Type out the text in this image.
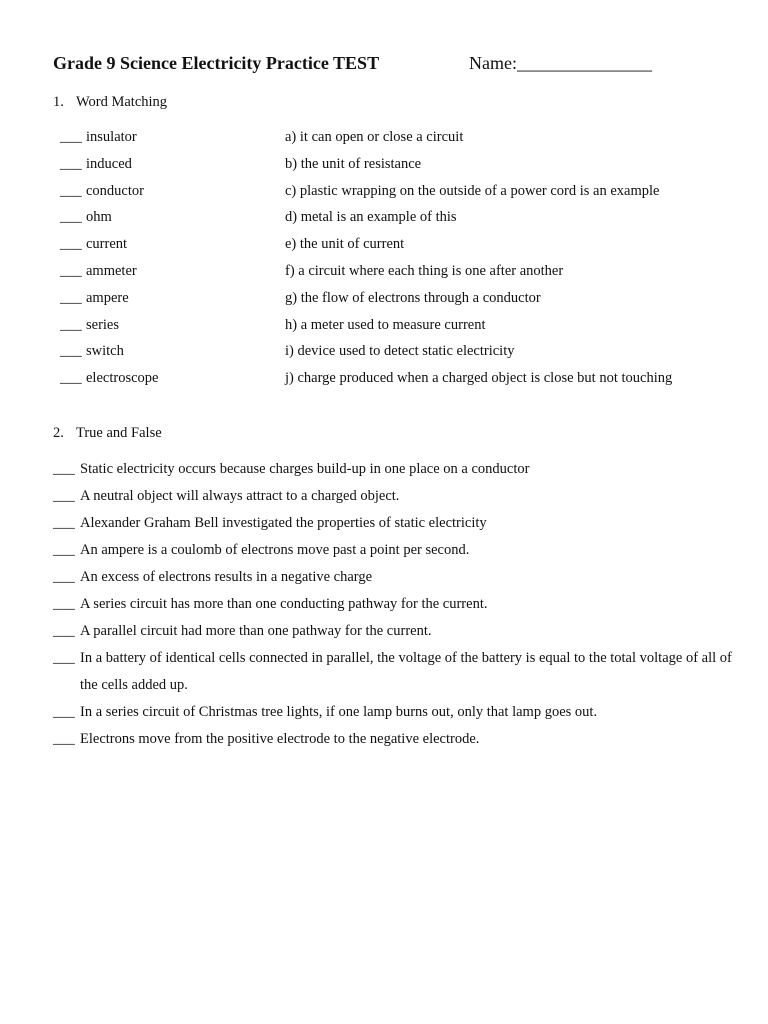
Grade 9 Science Electricity Practice TEST	Name:_______________
1. Word Matching
___ insulator	a) it can open or close a circuit
___ induced	b) the unit of resistance
___ conductor	c) plastic wrapping on the outside of a power cord is an example
___ ohm	d) metal is an example of this
___ current	e) the unit of current
___ ammeter	f) a circuit where each thing is one after another
___ ampere	g) the flow of electrons through a conductor
___ series	h) a meter used to measure current
___ switch	i) device used to detect static electricity
___ electroscope	j) charge produced when a charged object is close but not touching
2. True and False
___ Static electricity occurs because charges build-up in one place on a conductor
___ A neutral object will always attract to a charged object.
___ Alexander Graham Bell investigated the properties of static electricity
___ An ampere is a coulomb of electrons move past a point per second.
___ An excess of electrons results in a negative charge
___ A series circuit has more than one conducting pathway for the current.
___ A parallel circuit had more than one pathway for the current.
___ In a battery of identical cells connected in parallel, the voltage of the battery is equal to the total voltage of all of the cells added up.
___ In a series circuit of Christmas tree lights, if one lamp burns out, only that lamp goes out.
___ Electrons move from the positive electrode to the negative electrode.
